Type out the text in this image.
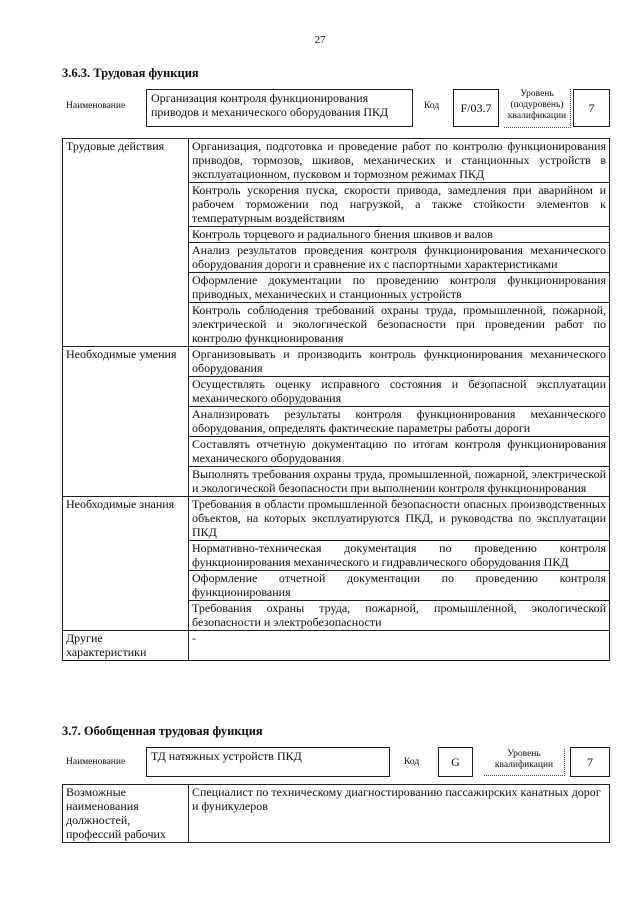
27
3.6.3. Трудовая функция
Наименование
Организация контроля функционирования приводов и механического оборудования ПКД	Код	F/03.7
Уровень (подуровень) квалификации
7
Трудовые действия	Организация, подготовка и проведение работ по контролю функционирования приводов, тормозов, шкивов, механических и станционных устройств в эксплуатационном, пусковом и тормозном режимах ПКД
	Контроль ускорения пуска, скорости привода, замедления при аварийном и рабочем торможении под нагрузкой, а также стойкости элементов к температурным воздействиям
	Контроль торцевого и радиального биения шкивов и валов
	Анализ результатов проведения контроля функционирования механического оборудования дороги и сравнение их с паспортными характеристиками
	Оформление документации по проведению контроля функционирования приводных, механических и станционных устройств
	Контроль соблюдения требований охраны труда, промышленной, пожарной, электрической и экологической безопасности при проведении работ по контролю функционирования
Необходимые умения	Организовывать и производить контроль функционирования механического оборудования
	Осуществлять оценку исправного состояния и безопасной эксплуатации механического оборудования
	Анализировать результаты контроля функционирования механического оборудования, определять фактические параметры работы дороги
	Составлять отчетную документацию по итогам контроля функционирования механического оборудования
	Выполнять требования охраны труда, промышленной, пожарной, электрической и экологической безопасности при выполнении контроля функционирования
Необходимые знания	Требования в области промышленной безопасности опасных производственных объектов, на которых эксплуатируются ПКД, и руководства по эксплуатации ПКД
	Нормативно-техническая документация по проведению контроля функционирования механического и гидравлического оборудования ПКД
	Оформление отчетной документации по проведению контроля функционирования
	Требования охраны труда, пожарной, промышленной, экологической безопасности и электробезопасности
Другие характеристики	-
3.7. Обобщенная трудовая функция
Наименование	ТД натяжных устройств ПКД	Код	G
Уровень квалификации	7
Возможные наименования должностей, профессий рабочих	Специалист по техническому диагностированию пассажирских канатных дорог и фуникулеров
